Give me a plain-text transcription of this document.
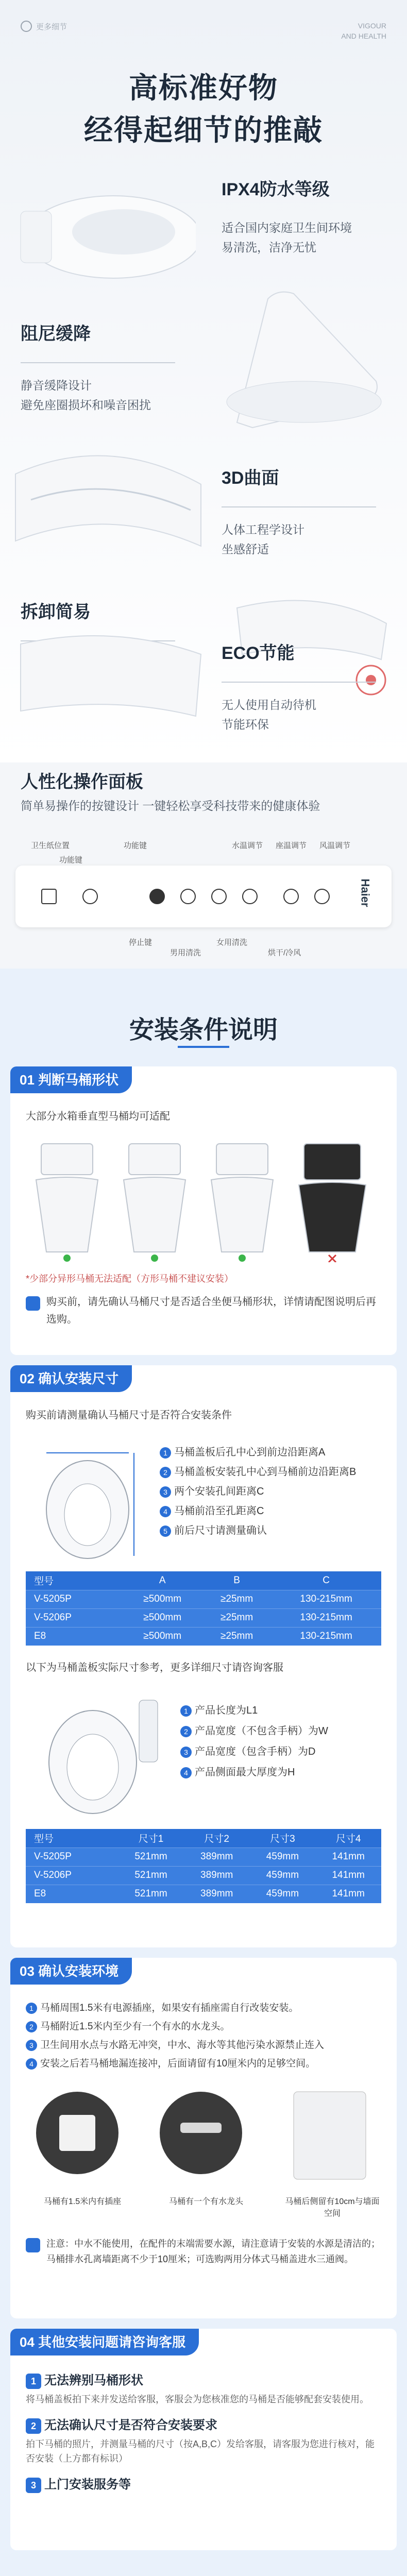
更多细节	VIGOUR
AND HEALTH
高标准好物
经得起细节的推敲
IPX4防水等级
适合国内家庭卫生间环境
易清洗，洁净无忧
阻尼缓降
静音缓降设计
避免座圈损坏和噪音困扰
3D曲面
人体工程学设计
坐感舒适
拆卸简易
ECO节能
无人使用自动待机
节能环保
人性化操作面板
简单易操作的按键设计 一键轻松享受科技带来的健康体验
卫生纸位置
功能键
功能键	水温调节 座温调节 风温调节
Haier
停止键
男用清洗
女用清洗
烘干/冷风
安装条件说明
01 判断马桶形状
大部分水箱垂直型马桶均可适配
*少部分异形马桶无法适配（方形马桶不建议安装）
购买前，请先确认马桶尺寸是否适合坐便马桶形状，详情请配图说明后再选购。
02 确认安装尺寸
购买前请测量确认马桶尺寸是否符合安装条件
1 马桶盖板后孔中心到前边沿距离A
2 马桶盖板安装孔中心到马桶前边沿距离B
3 两个安装孔间距离C
4 马桶前沿至孔距离C
5 前后尺寸请测量确认
型号	A	B	C
V-5205P	≥500mm	≥25mm	130-215mm
V-5206P	≥500mm	≥25mm	130-215mm
E8	≥500mm	≥25mm	130-215mm
以下为马桶盖板实际尺寸参考，更多详细尺寸请咨询客服
1 产品长度为L1
2 产品宽度（不包含手柄）为W
3 产品宽度（包含手柄）为D
4 产品侧面最大厚度为H
型号	尺寸1	尺寸2	尺寸3	尺寸4
V-5205P	521mm	389mm	459mm	141mm
V-5206P	521mm	389mm	459mm	141mm
E8	521mm	389mm	459mm	141mm
03 确认安装环境
1 马桶周围1.5米有电源插座，如果安有插座需自行改装安装。
2 马桶附近1.5米内至少有一个有水的水龙头。
3 卫生间用水点与水路无冲突，中水、海水等其他污染水源禁止连入
4 安装之后若马桶地漏连接冲，后面请留有10厘米内的足够空间。
马桶有1.5米内有插座	马桶有一个有水龙头	马桶后侧留有10cm与墙面空间
注意：中水不能使用，在配件的末端需要水源，请注意请于安装的水源是清洁的；马桶排水孔离墙距离不少于10厘米；可选购两用分体式马桶盖进水三通阀。
04 其他安装问题请咨询客服
1 无法辨别马桶形状
将马桶盖板拍下来并发送给客服，客服会为您核准您的马桶是否能够配套安装使用。
2 无法确认尺寸是否符合安装要求
拍下马桶的照片，并测量马桶的尺寸（按A,B,C）发给客服，请客服为您进行核对，能否安装（上方都有标识）
3 上门安装服务等
